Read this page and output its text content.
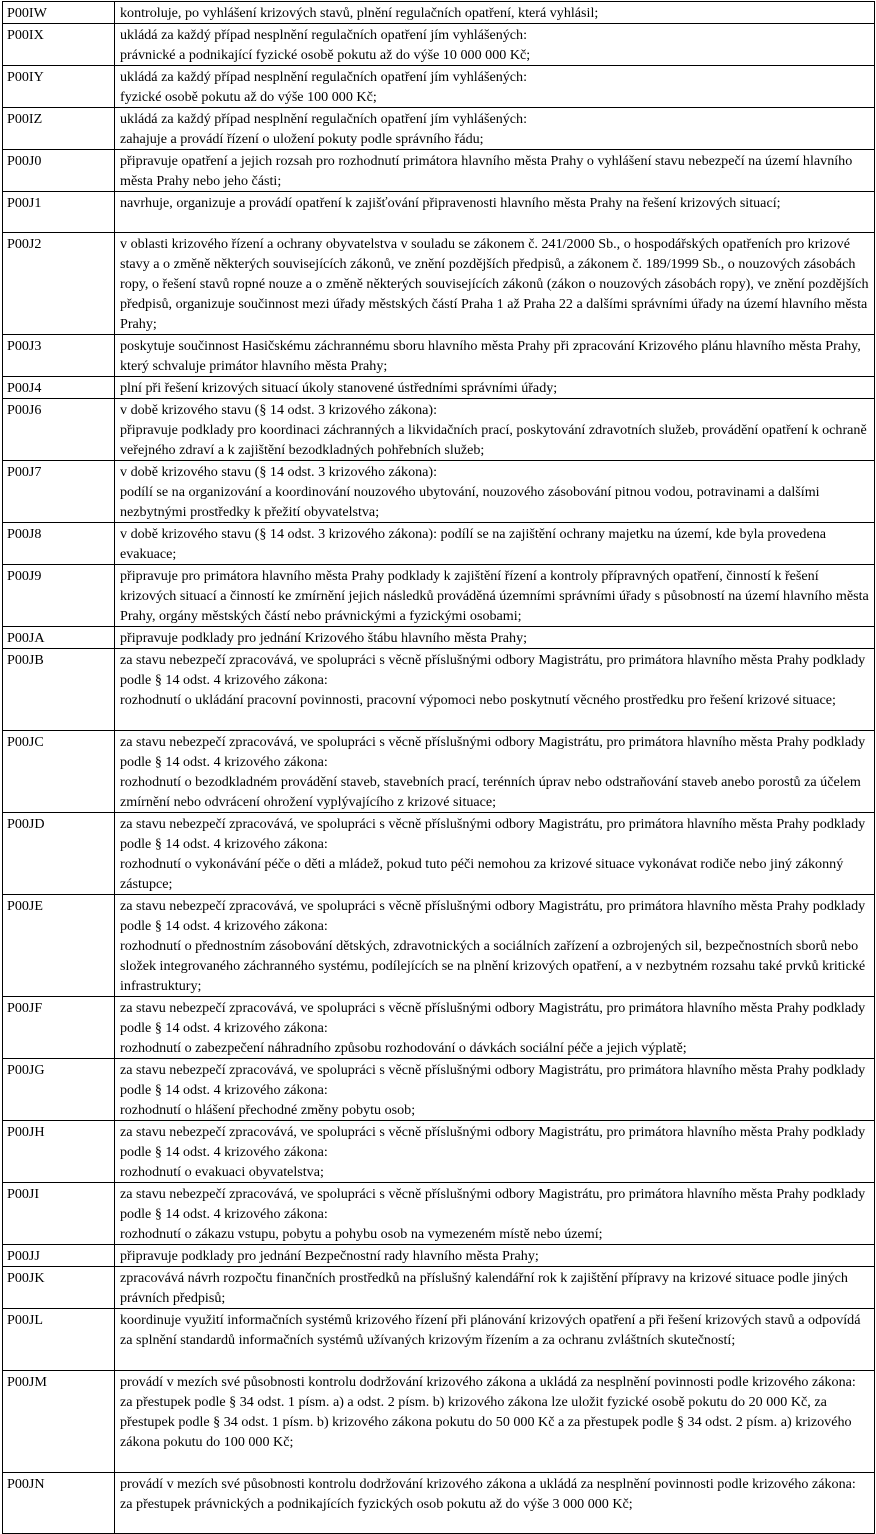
P00IW	kontroluje, po vyhlášení krizových stavů, plnění regulačních opatření, která vyhlásil;
P00IX	ukládá za každý případ nesplnění regulačních opatření jím vyhlášených:
právnické a podnikající fyzické osobě pokutu až do výše 10 000 000 Kč;
P00IY	ukládá za každý případ nesplnění regulačních opatření jím vyhlášených:
fyzické osobě pokutu až do výše 100 000 Kč;
P00IZ	ukládá za každý případ nesplnění regulačních opatření jím vyhlášených:
zahajuje a provádí řízení o uložení pokuty podle správního řádu;
P00J0	připravuje opatření a jejich rozsah pro rozhodnutí primátora hlavního města Prahy o vyhlášení stavu nebezpečí na území hlavního města Prahy nebo jeho části;
P00J1	navrhuje, organizuje a provádí opatření k zajišťování připravenosti hlavního města Prahy na řešení krizových situací;
P00J2	v oblasti krizového řízení a ochrany obyvatelstva v souladu se zákonem č. 241/2000 Sb., o hospodářských opatřeních pro krizové stavy a o změně některých souvisejících zákonů, ve znění pozdějších předpisů, a zákonem č. 189/1999 Sb., o nouzových zásobách ropy, o řešení stavů ropné nouze a o změně některých souvisejících zákonů (zákon o nouzových zásobách ropy), ve znění pozdějších předpisů, organizuje součinnost mezi úřady městských částí Praha 1 až Praha 22 a dalšími správními úřady na území hlavního města Prahy;
P00J3	poskytuje součinnost Hasičskému záchrannému sboru hlavního města Prahy při zpracování Krizového plánu hlavního města Prahy, který schvaluje primátor hlavního města Prahy;
P00J4	plní při řešení krizových situací úkoly stanovené ústředními správními úřady;
P00J6	v době krizového stavu (§ 14 odst. 3 krizového zákona):
připravuje podklady pro koordinaci záchranných a likvidačních prací, poskytování zdravotních služeb, provádění opatření k ochraně veřejného zdraví a k zajištění bezodkladných pohřebních služeb;
P00J7	v době krizového stavu (§ 14 odst. 3 krizového zákona):
podílí se na organizování a koordinování nouzového ubytování, nouzového zásobování pitnou vodou, potravinami a dalšími nezbytnými prostředky k přežití obyvatelstva;
P00J8	v době krizového stavu (§ 14 odst. 3 krizového zákona): podílí se na zajištění ochrany majetku na území, kde byla provedena evakuace;
P00J9	připravuje pro primátora hlavního města Prahy podklady k zajištění řízení a kontroly přípravných opatření, činností k řešení krizových situací a činností ke zmírnění jejich následků prováděná územními správními úřady s působností na území hlavního města Prahy, orgány městských částí nebo právnickými a fyzickými osobami;
P00JA	připravuje podklady pro jednání Krizového štábu hlavního města Prahy;
P00JB	za stavu nebezpečí zpracovává, ve spolupráci s věcně příslušnými odbory Magistrátu, pro primátora hlavního města Prahy podklady podle § 14 odst. 4 krizového zákona:
rozhodnutí o ukládání pracovní povinnosti, pracovní výpomoci nebo poskytnutí věcného prostředku pro řešení krizové situace;
P00JC	za stavu nebezpečí zpracovává, ve spolupráci s věcně příslušnými odbory Magistrátu, pro primátora hlavního města Prahy podklady podle § 14 odst. 4 krizového zákona:
rozhodnutí o bezodkladném provádění staveb, stavebních prací, terénních úprav nebo odstraňování staveb anebo porostů za účelem zmírnění nebo odvrácení ohrožení vyplývajícího z krizové situace;
P00JD	za stavu nebezpečí zpracovává, ve spolupráci s věcně příslušnými odbory Magistrátu, pro primátora hlavního města Prahy podklady podle § 14 odst. 4 krizového zákona:
rozhodnutí o vykonávání péče o děti a mládež, pokud tuto péči nemohou za krizové situace vykonávat rodiče nebo jiný zákonný zástupce;
P00JE	za stavu nebezpečí zpracovává, ve spolupráci s věcně příslušnými odbory Magistrátu, pro primátora hlavního města Prahy podklady podle § 14 odst. 4 krizového zákona:
rozhodnutí o přednostním zásobování dětských, zdravotnických a sociálních zařízení a ozbrojených sil, bezpečnostních sborů nebo složek integrovaného záchranného systému, podílejících se na plnění krizových opatření, a v nezbytném rozsahu také prvků kritické infrastruktury;
P00JF	za stavu nebezpečí zpracovává, ve spolupráci s věcně příslušnými odbory Magistrátu, pro primátora hlavního města Prahy podklady podle § 14 odst. 4 krizového zákona:
rozhodnutí o zabezpečení náhradního způsobu rozhodování o dávkách sociální péče a jejich výplatě;
P00JG	za stavu nebezpečí zpracovává, ve spolupráci s věcně příslušnými odbory Magistrátu, pro primátora hlavního města Prahy podklady podle § 14 odst. 4 krizového zákona:
rozhodnutí o hlášení přechodné změny pobytu osob;
P00JH	za stavu nebezpečí zpracovává, ve spolupráci s věcně příslušnými odbory Magistrátu, pro primátora hlavního města Prahy podklady podle § 14 odst. 4 krizového zákona:
rozhodnutí o evakuaci obyvatelstva;
P00JI	za stavu nebezpečí zpracovává, ve spolupráci s věcně příslušnými odbory Magistrátu, pro primátora hlavního města Prahy podklady podle § 14 odst. 4 krizového zákona:
rozhodnutí o zákazu vstupu, pobytu a pohybu osob na vymezeném místě nebo území;
P00JJ	připravuje podklady pro jednání Bezpečnostní rady hlavního města Prahy;
P00JK	zpracovává návrh rozpočtu finančních prostředků na příslušný kalendářní rok k zajištění přípravy na krizové situace podle jiných právních předpisů;
P00JL	koordinuje využití informačních systémů krizového řízení při plánování krizových opatření a při řešení krizových stavů a odpovídá za splnění standardů informačních systémů užívaných krizovým řízením a za ochranu zvláštních skutečností;
P00JM	provádí v mezích své působnosti kontrolu dodržování krizového zákona a ukládá za nesplnění povinnosti podle krizového zákona:
za přestupek podle § 34 odst. 1 písm. a) a odst. 2 písm. b) krizového zákona lze uložit fyzické osobě pokutu do 20 000 Kč, za přestupek podle § 34 odst. 1 písm. b) krizového zákona pokutu do 50 000 Kč a za přestupek podle § 34 odst. 2 písm. a) krizového zákona pokutu do 100 000 Kč;
P00JN	provádí v mezích své působnosti kontrolu dodržování krizového zákona a ukládá za nesplnění povinnosti podle krizového zákona:
za přestupek právnických a podnikajících fyzických osob pokutu až do výše 3 000 000 Kč;
